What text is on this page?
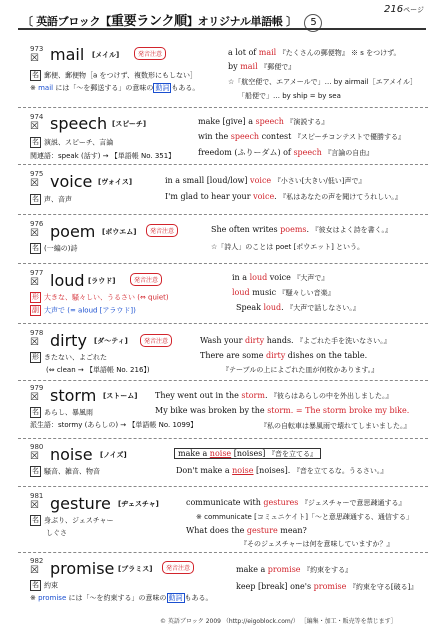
〔 英語ブロック【重要ランク順】オリジナル単語帳 〕 5
216ページ
973
☒ mail [メイル]	発音注意
名 郵便、郵便物［a をつけず、複数形にもしない］
※ mail には「～を郵送する」の意味の 動詞 もある。
a lot of mail 『たくさんの郵便物』 ※ s をつけず。
by mail 『郵便で』
☆「航空便で、エアメールで」… by airmail［エアメイル］
「船便で」… by ship = by sea
974
☒ speech [スピーチ]
名 演説、スピーチ、言論
関連語：speak (話す) → 【単語帳 No. 351】
make [give] a speech 『演説する』
win the speech contest 『スピーチコンテストで優勝する』
freedom (ふりーダム) of speech 『言論の自由』
975
☒ voice [ヴォイス]
名 声、音声
in a small [loud/low] voice 『小さい[大きい/低い]声で』
I'm glad to hear your voice. 『私はあなたの声を聞けてうれしい。』
976
☒ poem [ポウエム]	発音注意
名 (一編の)詩
She often writes poems. 『彼女はよく詩を書く。』
☆「詩人」のことは poet [ポウエット] という。
977
☒ loud [ラウド]	発音注意
形 大きな、騒々しい、うるさい (⇔ quiet)
副 大声で (= aloud [アラウド])
in a loud voice 『大声で』
loud music 『騒々しい音楽』
Speak loud. 『大声で話しなさい。』
978
☒ dirty [ダ～ティ]	発音注意
形 きたない、よごれた
(⇔ clean → 【単語帳 No. 216】)
Wash your dirty hands. 『よごれた手を洗いなさい。』
There are some dirty dishes on the table.
『テーブルの上によごれた皿が何枚かあります。』
979
☒ storm [ストーム]
名 あらし、暴風雨
派生語：stormy (あらしの) → 【単語帳 No. 1099】
They went out in the storm. 『彼らはあらしの中を外出しました。』
My bike was broken by the storm. = The storm broke my bike.
『私の自転車は暴風雨で壊れてしまいました。』
980
☒ noise [ノイズ]
名 騒音、雑音、物音
make a noise [noises] 『音を立てる』
Don't make a noise [noises]. 『音を立てるな。うるさい。』
981
☒ gesture [ヂェスチャ]
名 身ぶり、ジェスチャー
しぐさ
communicate with gestures 『ジェスチャーで意思疎通する』
※ communicate [コミュニケイト]「～と意思疎通する、通信する」
What does the gesture mean?
『そのジェスチャーは何を意味していますか？』
982
☒ promise [プラミス]	発音注意
名 約束
※ promise には「～を約束する」の意味の 動詞 もある。
make a promise 『約束をする』
keep [break] one's promise 『約束を守る[破る]』
© 英語ブロック 2009 （http://eigoblock.com/） ［編集・加工・販売等を禁じます］
